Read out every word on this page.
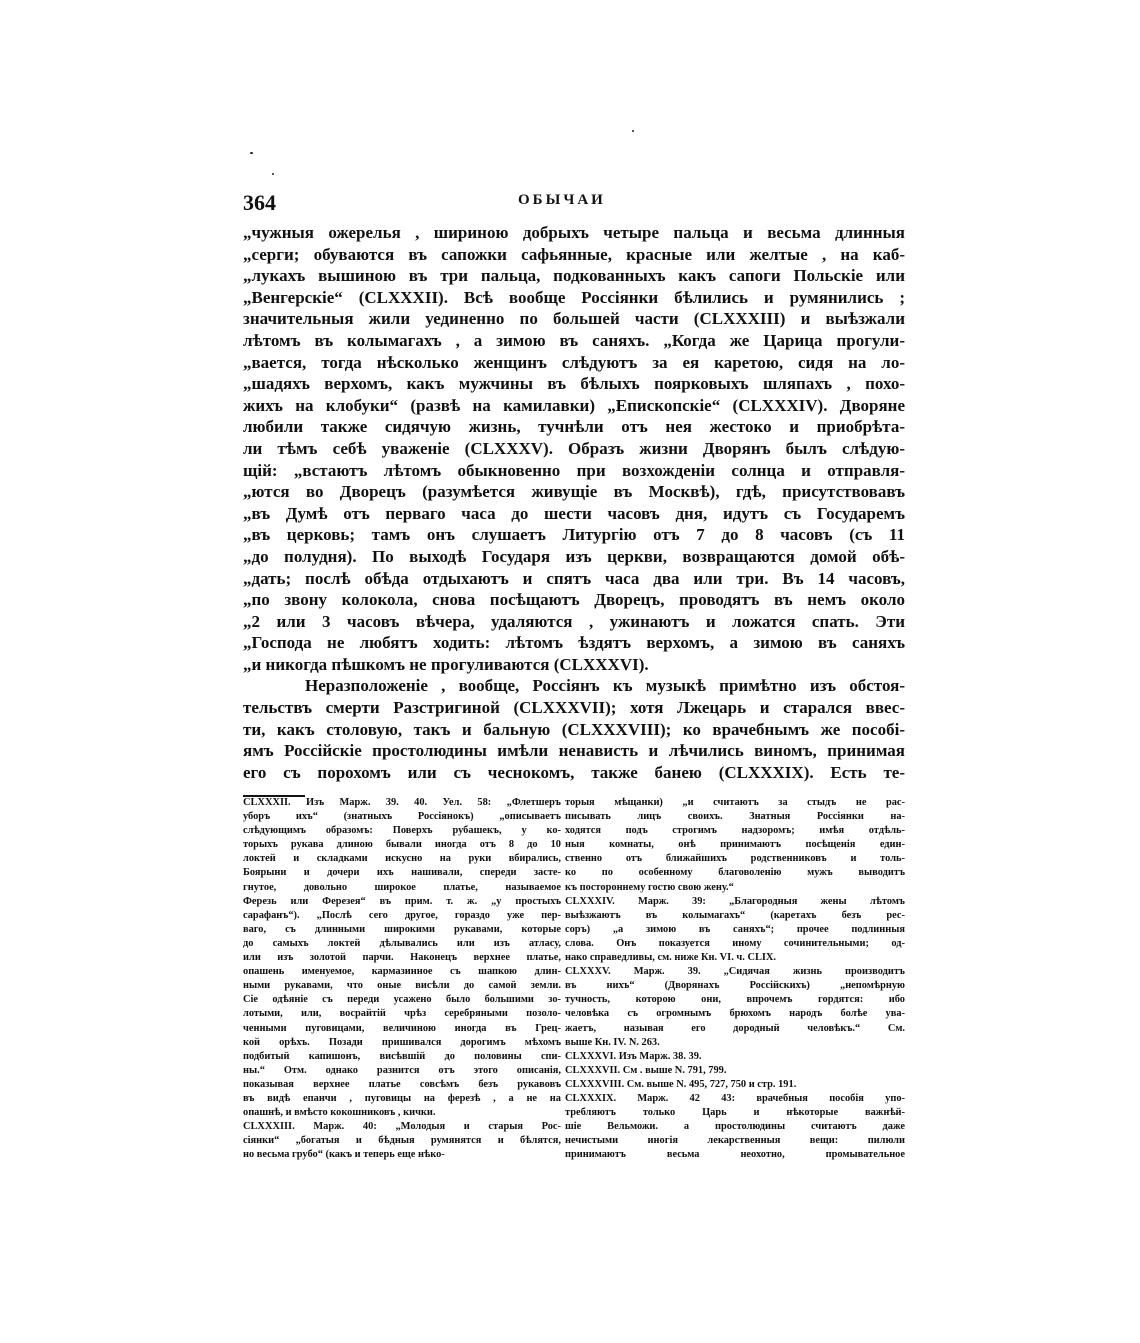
364	ОБЫЧАИ
„чужныя ожерелья , шириною добрыхъ четыре пальца и весьма длинныя
„серги; обуваются въ сапожки сафьянные, красные или желтые , на каб-
„лукахъ вышиною въ три пальца, подкованныхъ какъ сапоги Польскіе или
„Венгерскіе“ (CLXXXII). Всѣ вообще Россіянки бѣлились и румянились ;
значительныя жили уединенно по большей части (CLXXXIII) и выѣзжали
лѣтомъ въ колымагахъ , а зимою въ саняхъ. „Когда же Царица прогули-
„вается, тогда нѣсколько женщинъ слѣдуютъ за ея каретою, сидя на ло-
„шадяхъ верхомъ, какъ мужчины въ бѣлыхъ поярковыхъ шляпахъ , похо-
жихъ на клобуки“ (развѣ на камилавки) „Епископскіе“ (CLXXXIV). Дворяне
любили также сидячую жизнь, тучнѣли отъ нея жестоко и приобрѣта-
ли тѣмъ себѣ уваженіе (CLXXXV). Образъ жизни Дворянъ былъ слѣдую-
щій: „встаютъ лѣтомъ обыкновенно при возхожденіи солнца и отправля-
„ются во Дворецъ (разумѣется живущіе въ Москвѣ), гдѣ, присутствовавъ
„въ Думѣ отъ перваго часа до шести часовъ дня, идутъ съ Государемъ
„въ церковь; тамъ онъ слушаетъ Литургію отъ 7 до 8 часовъ (съ 11
„до полудня). По выходѣ Государя изъ церкви, возвращаются домой обѣ-
„дать; послѣ обѣда отдыхаютъ и спятъ часа два или три. Въ 14 часовъ,
„по звону колокола, снова посѣщаютъ Дворецъ, проводятъ въ немъ около
„2 или 3 часовъ вѣчера, удаляются , ужинаютъ и ложатся спать. Эти
„Господа не любятъ ходить: лѣтомъ ѣздятъ верхомъ, а зимою въ саняхъ
„и никогда пѣшкомъ не прогуливаются (CLXXXVI).
Неразположеніе , вообще, Россіянъ къ музыкѣ примѣтно изъ обстоя-
тельствъ смерти Разстригиной (CLXXXVII); хотя Лжецарь и старался ввес-
ти, какъ столовую, такъ и бальную (CLXXXVIII); ко врачебнымъ же пособі-
ямъ Россійскіе простолюдины имѣли ненависть и лѣчились виномъ, принимая
его съ порохомъ или съ чеснокомъ, также банею (CLXXXIX). Есть те-
CLXXXII. Изъ Марж. 39. 40. Уел. 58: „Флетшеръ
уборъ ихъ“ (знатныхъ Россіянокъ) „описываетъ
слѣдующимъ образомъ: Поверхъ рубашекъ, у ко-
торыхъ рукава длиною бывали иногда отъ 8 до 10
локтей и складками искусно на руки вбирались,
Боярыни и дочери ихъ нашивали, спереди засте-
гнутое, довольно широкое платье, называемое
Ферезь или Ферезея“ въ прим. т. ж. „у простыхъ
сарафанъ“). „Послѣ сего другое, гораздо уже пер-
ваго, съ длинными широкими рукавами, которые
до самыхъ локтей дѣлывались или изъ атласу,
или изъ золотой парчи. Наконецъ верхнее платье,
опашень именуемое, кармазинное съ шапкою длин-
ными рукавами, что оные висѣли до самой земли.
Сіе одѣяніе съ переди усажено было большими зо-
лотыми, или, восрайтій чрѣз серебряными позоло-
ченными пуговицами, величиною иногда въ Грец-
кой орѣхъ. Позади пришивался дорогимъ мѣхомъ
подбитый капишонъ, висѣвшій до половины спи-
ны.“ Отм. однако разнится отъ этого описанія,
показывая верхнее платье совсѣмъ безъ рукавовъ
въ видѣ епанчи , пуговицы на ферезѣ , а не на
опашнѣ, и вмѣсто кокошниковъ , кички.
CLXXXIII. Марж. 40: „Молодыя и старыя Рос-
сіянки“ „богатыя и бѣдныя румянятся и бѣлятся,
но весьма грубо“ (какъ и теперь еще нѣко-
торыя мѣщанки) „и считаютъ за стыдъ не рас-
писывать лицъ своихъ. Знатныя Россіянки на-
ходятся подъ строгимъ надзоромъ; имѣя отдѣль-
ныя комнаты, онѣ принимаютъ посѣщенія един-
ственно отъ ближайшихъ родственниковъ и толь-
ко по особенному благоволенію мужъ выводитъ
къ постороннему гостю свою жену.“
CLXXXIV. Марж. 39: „Благородныя жены лѣтомъ
выѣзжаютъ въ колымагахъ“ (каретахъ безъ рес-
соръ) „а зимою въ саняхъ“; прочее подлинныя
слова. Онъ показуется иному сочинительными; од-
нако справедливы, см. ниже Кн. VI. ч. CLIX.
CLXXXV. Марж. 39. „Сидячая жизнь производитъ
въ нихъ“ (Дворянахъ Россійскихъ) „непомѣрную
тучность, которою они, впрочемъ гордятся: ибо
человѣка съ огромнымъ брюхомъ народъ болѣе ува-
жаетъ, называя его дородный человѣкъ.“ См.
выше Кн. IV. N. 263.
CLXXXVI. Изъ Марж. 38. 39.
CLXXXVII. См . выше N. 791, 799.
CLXXXVIII. См. выше N. 495, 727, 750 и стр. 191.
CLXXXIX. Марж. 42 43: врачебныя пособія упо-
требляютъ только Царь и нѣкоторые важнѣй-
шіе Вельможи. а простолюдины считаютъ даже
нечистыми иногія лекарственныя вещи: пилюли
принимаютъ весьма неохотно, промывательное
